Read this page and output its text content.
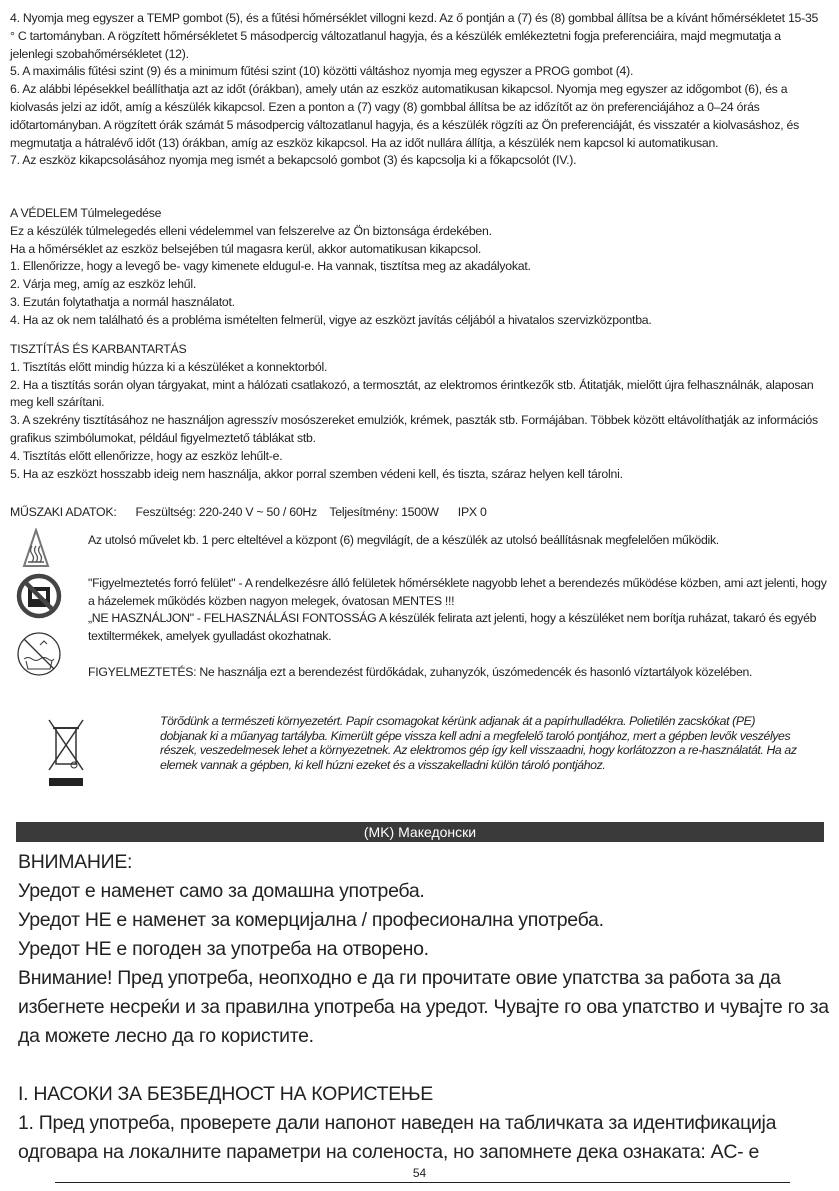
4. Nyomja meg egyszer a TEMP gombot (5), és a fűtési hőmérséklet villogni kezd. Az ő pontján a (7) és (8) gombbal állítsa be a kívánt hőmérsékletet 15-35 ° C tartományban. A rögzített hőmérsékletet 5 másodpercig változatlanul hagyja, és a készülék emlékeztetni fogja preferenciáira, majd megmutatja a jelenlegi szobahőmérsékletet (12).

5. A maximális fűtési szint (9) és a minimum fűtési szint (10) közötti váltáshoz nyomja meg egyszer a PROG gombot (4).

6. Az alábbi lépésekkel beállíthatja azt az időt (órákban), amely után az eszköz automatikusan kikapcsol. Nyomja meg egyszer az időgombot (6), és a kiolvasás jelzi az időt, amíg a készülék kikapcsol. Ezen a ponton a (7) vagy (8) gombbal állítsa be az időzítőt az ön preferenciájához a 0–24 órás időtartományban. A rögzített órák számát 5 másodpercig változatlanul hagyja, és a készülék rögzíti az Ön preferenciáját, és visszatér a kiolvasáshoz, és megmutatja a hátralévő időt (13) órákban, amíg az eszköz kikapcsol. Ha az időt nullára állítja, a készülék nem kapcsol ki automatikusan.

7. Az eszköz kikapcsolásához nyomja meg ismét a bekapcsoló gombot (3) és kapcsolja ki a főkapcsolót (IV.).

A VÉDELEM Túlmelegedése

Ez a készülék túlmelegedés elleni védelemmel van felszerelve az Ön biztonsága érdekében.

Ha a hőmérséklet az eszköz belsejében túl magasra kerül, akkor automatikusan kikapcsol.

1. Ellenőrizze, hogy a levegő be- vagy kimenete eldugul-e. Ha vannak, tisztítsa meg az akadályokat.

2. Várja meg, amíg az eszköz lehűl.

3. Ezután folytathatja a normál használatot.

4. Ha az ok nem található és a probléma ismételten felmerül, vigye az eszközt javítás céljából a hivatalos szervizközpontba.

TISZTÍTÁS ÉS KARBANTARTÁS

1. Tisztítás előtt mindig húzza ki a készüléket a konnektorból.

2. Ha a tisztítás során olyan tárgyakat, mint a hálózati csatlakozó, a termosztát, az elektromos érintkezők stb. Átitatják, mielőtt újra felhasználnák, alaposan meg kell szárítani.

3. A szekrény tisztításához ne használjon agresszív mosószereket emulziók, krémek, paszták stb. Formájában. Többek között eltávolíthatják az információs grafikus szimbólumokat, például figyelmeztető táblákat stb.

4. Tisztítás előtt ellenőrizze, hogy az eszköz lehűlt-e.

5. Ha az eszközt hosszabb ideig nem használja, akkor porral szemben védeni kell, és tiszta, száraz helyen kell tárolni.

MŰSZAKI ADATOK: Feszültség: 220-240 V ~ 50 / 60Hz Teljesítmény: 1500W IPX 0
Az utolsó művelet kb. 1 perc elteltével a központ (6) megvilágít, de a készülék az utolsó beállításnak megfelelően működik.
"Figyelmeztetés forró felület" - A rendelkezésre álló felületek hőmérséklete nagyobb lehet a berendezés működése közben, ami azt jelenti, hogy a házelemek működés közben nagyon melegek, óvatosan MENTES !!!
„NE HASZNÁLJON" - FELHASZNÁLÁSI FONTOSSÁG A készülék felirata azt jelenti, hogy a készüléket nem borítja ruházat, takaró és egyéb textiltermékek, amelyek gyulladást okozhatnak.
FIGYELMEZTETÉS: Ne használja ezt a berendezést fürdőkádak, zuhanyzók, úszómedencék és hasonló víztartályok közelében.
Törődünk a természeti környezetért. Papír csomagokat kérünk adjanak át a papírhulladékra. Polietilén zacskókat (PE) dobjanak ki a műanyag tartályba. Kimerült gépe vissza kell adni a megfelelő taroló pontjához, mert a gépben levők veszélyes részek, veszedelmesek lehet a környezetnek. Az elektromos gép így kell visszaadni, hogy korlátozzon a re-használatát. Ha az elemek vannak a gépben, ki kell húzni ezeket és a visszakelladni külön tároló pontjához.
(MK) Македонски

ВНИМАНИЕ:

Уредот е наменет само за домашна употреба.

Уредот НЕ е наменет за комерцијална / професионална употреба.

Уредот НЕ е погоден за употреба на отворено.

Внимание! Пред употреба, неопходно е да ги прочитате овие упатства за работа за да избегнете несреќи и за правилна употреба на уредот. Чувајте го ова упатство и чувајте го за да можете лесно да го користите.

I. НАСОКИ ЗА БЕЗБЕДНОСТ НА КОРИСТЕЊЕ

1. Пред употреба, проверете дали напонот наведен на табличката за идентификација одговара на локалните параметри на соленоста, но запомнете дека ознаката: AC- е

54
